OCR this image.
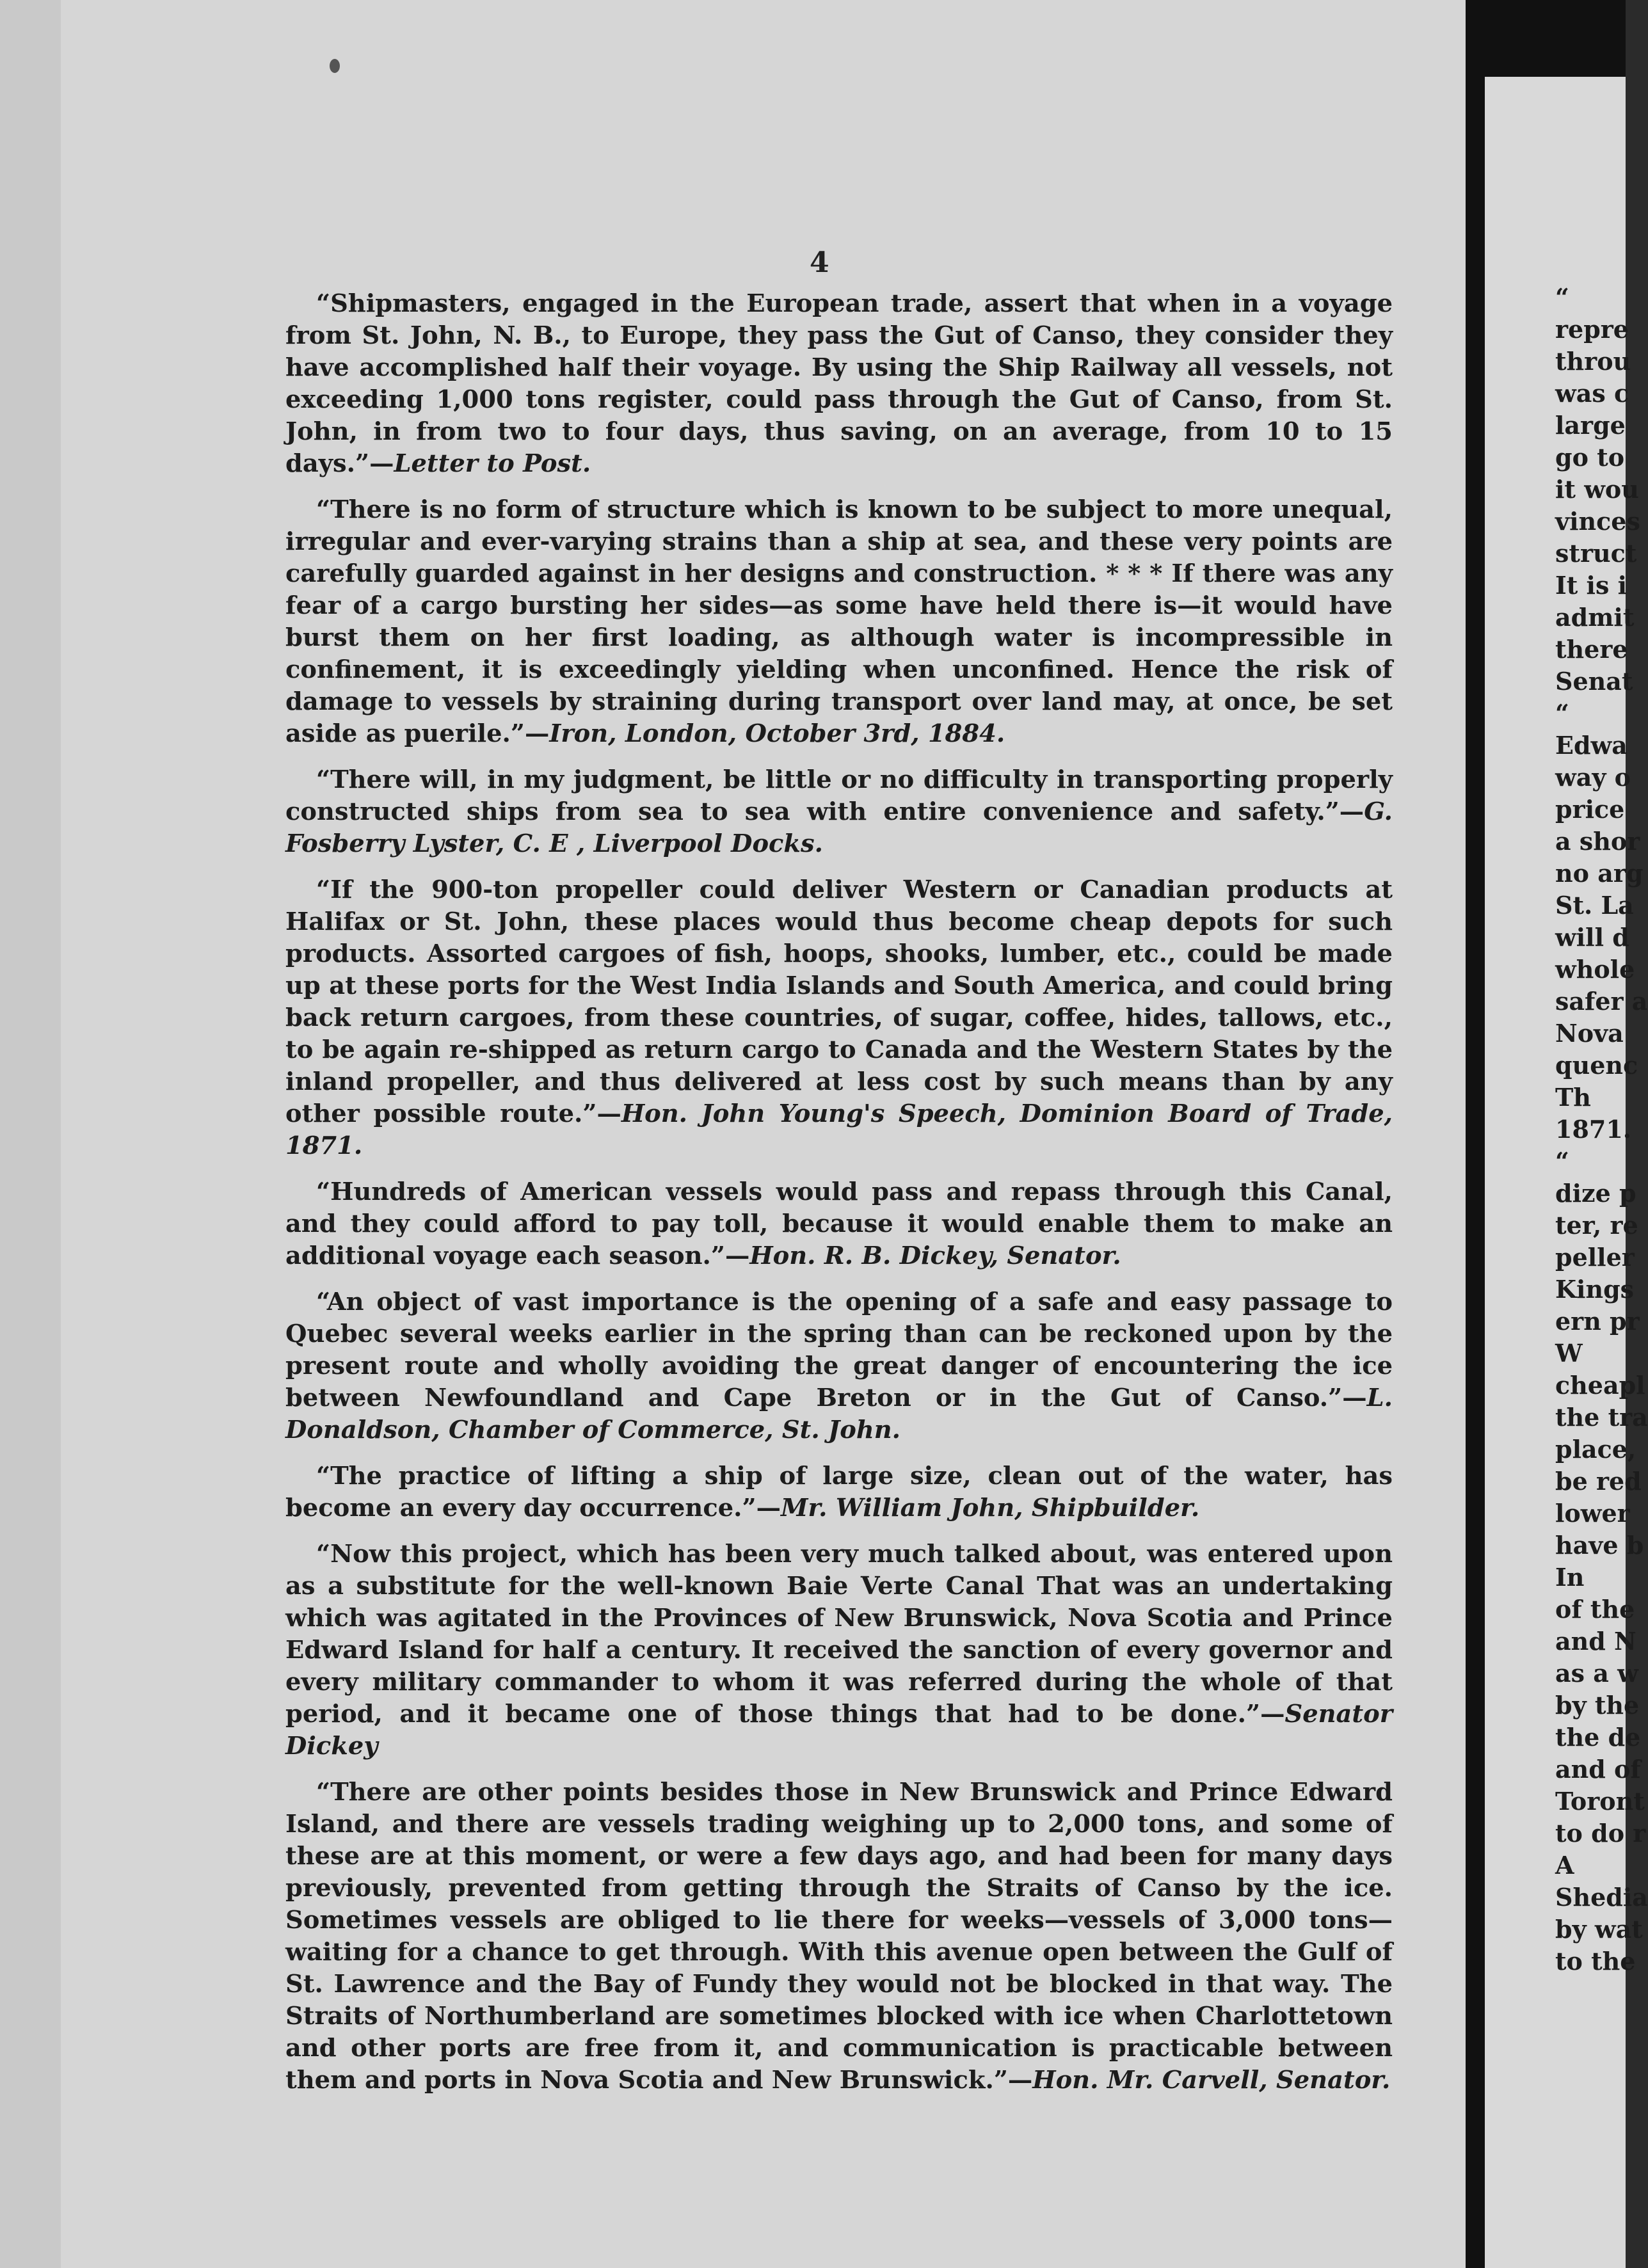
4

“Shipmasters, engaged in the European trade, assert that when in a voyage from St. John, N. B., to Europe, they pass the Gut of Canso, they consider they have accomplished half their voyage. By using the Ship Railway all vessels, not exceeding 1,000 tons register, could pass through the Gut of Canso, from St. John, in from two to four days, thus saving, on an average, from 10 to 15 days.”—Letter to Post.

“There is no form of structure which is known to be subject to more unequal, irregular and ever-varying strains than a ship at sea, and these very points are carefully guarded against in her designs and construction. * * * If there was any fear of a cargo bursting her sides—as some have held there is—it would have burst them on her first loading, as although water is incompressible in confinement, it is exceedingly yielding when unconfined. Hence the risk of damage to vessels by straining during transport over land may, at once, be set aside as puerile.”—Iron, London, October 3rd, 1884.

“There will, in my judgment, be little or no difficulty in transporting properly constructed ships from sea to sea with entire convenience and safety.”—G. Fosberry Lyster, C. E , Liverpool Docks.

“If the 900-ton propeller could deliver Western or Canadian products at Halifax or St. John, these places would thus become cheap depots for such products. Assorted cargoes of fish, hoops, shooks, lumber, etc., could be made up at these ports for the West India Islands and South America, and could bring back return cargoes, from these countries, of sugar, coffee, hides, tallows, etc., to be again re-shipped as return cargo to Canada and the Western States by the inland propeller, and thus delivered at less cost by such means than by any other possible route.”—Hon. John Young's Speech, Dominion Board of Trade, 1871.

“Hundreds of American vessels would pass and repass through this Canal, and they could afford to pay toll, because it would enable them to make an additional voyage each season.”—Hon. R. B. Dickey, Senator.

“An object of vast importance is the opening of a safe and easy passage to Quebec several weeks earlier in the spring than can be reckoned upon by the present route and wholly avoiding the great danger of encountering the ice between Newfoundland and Cape Breton or in the Gut of Canso.”—L. Donaldson, Chamber of Commerce, St. John.

“The practice of lifting a ship of large size, clean out of the water, has become an every day occurrence.”—Mr. William John, Shipbuilder.

“Now this project, which has been very much talked about, was entered upon as a substitute for the well-known Baie Verte Canal That was an undertaking which was agitated in the Provinces of New Brunswick, Nova Scotia and Prince Edward Island for half a century. It received the sanction of every governor and every military commander to whom it was referred during the whole of that period, and it became one of those things that had to be done.”—Senator Dickey

“There are other points besides those in New Brunswick and Prince Edward Island, and there are vessels trading weighing up to 2,000 tons, and some of these are at this moment, or were a few days ago, and had been for many days previously, prevented from getting through the Straits of Canso by the ice. Sometimes vessels are obliged to lie there for weeks—vessels of 3,000 tons—waiting for a chance to get through. With this avenue open between the Gulf of St. Lawrence and the Bay of Fundy they would not be blocked in that way. The Straits of Northumberland are sometimes blocked with ice when Charlottetown and other ports are free from it, and communication is practicable between them and ports in Nova Scotia and New Brunswick.”—Hon. Mr. Carvell, Senator.

“
repre
throu
was c
large
go to
it wou
vinces
struct
It is i
admit
there
Senat
“
Edwa
way o
price
a shor
no arg
St. La
will d
whole
safer a
Nova
quenc
Th
1871.
“
dize p
ter, re
peller
Kings
ern pr
W
cheapl
the tra
place,
be red
lower
have b
In
of the
and N
as a w
by the
the de
and of
Toront
to do r
A
Shedia
by wat
to the
